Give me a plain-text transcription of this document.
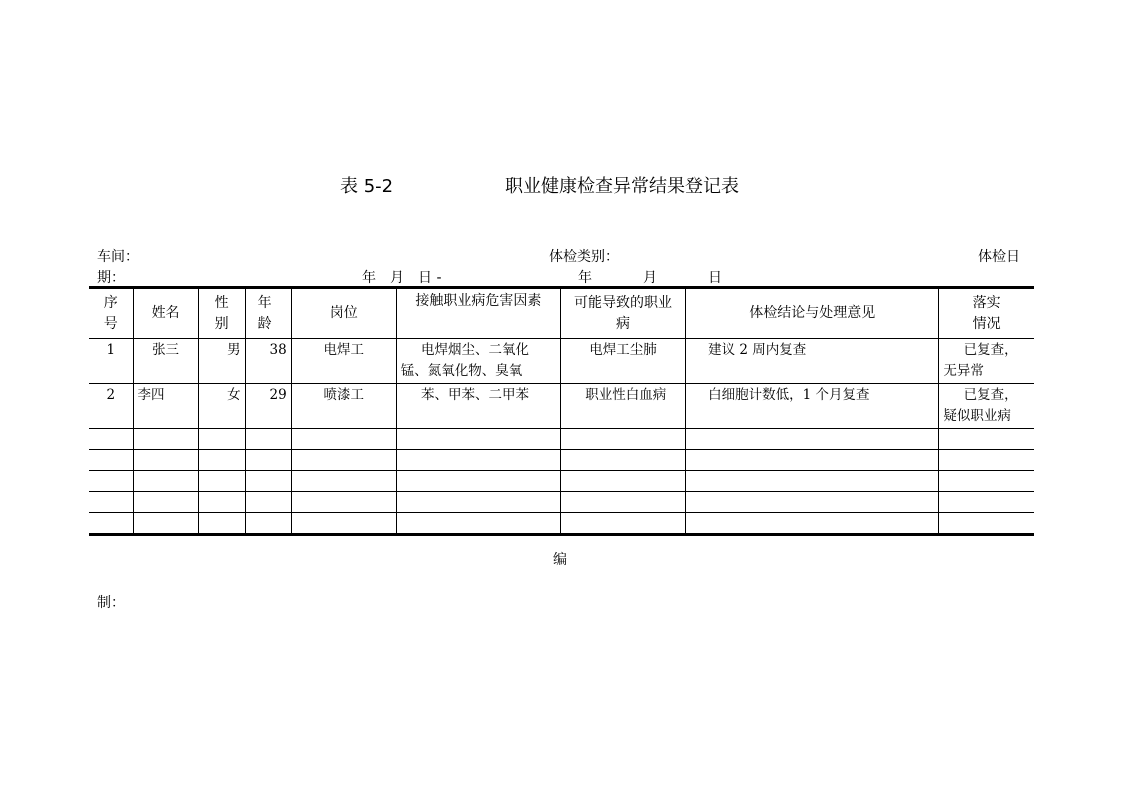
表 5-2	职业健康检查异常结果登记表
车间：	体检类别：	体检日
期：	年　月　日 -	年	月	日
序号	姓名	性别	年龄	岗位	接触职业病危害因素	可能导致的职业病	体检结论与处理意见	落实情况
1	张三	男	38	电焊工	电焊烟尘、二氧化锰、氮氧化物、臭氧	电焊工尘肺	建议 2 周内复查	已复查，无异常
2	李四	女	29	喷漆工	苯、甲苯、二甲苯	职业性白血病	白细胞计数低，1 个月复查	已复查，疑似职业病

编
制：
